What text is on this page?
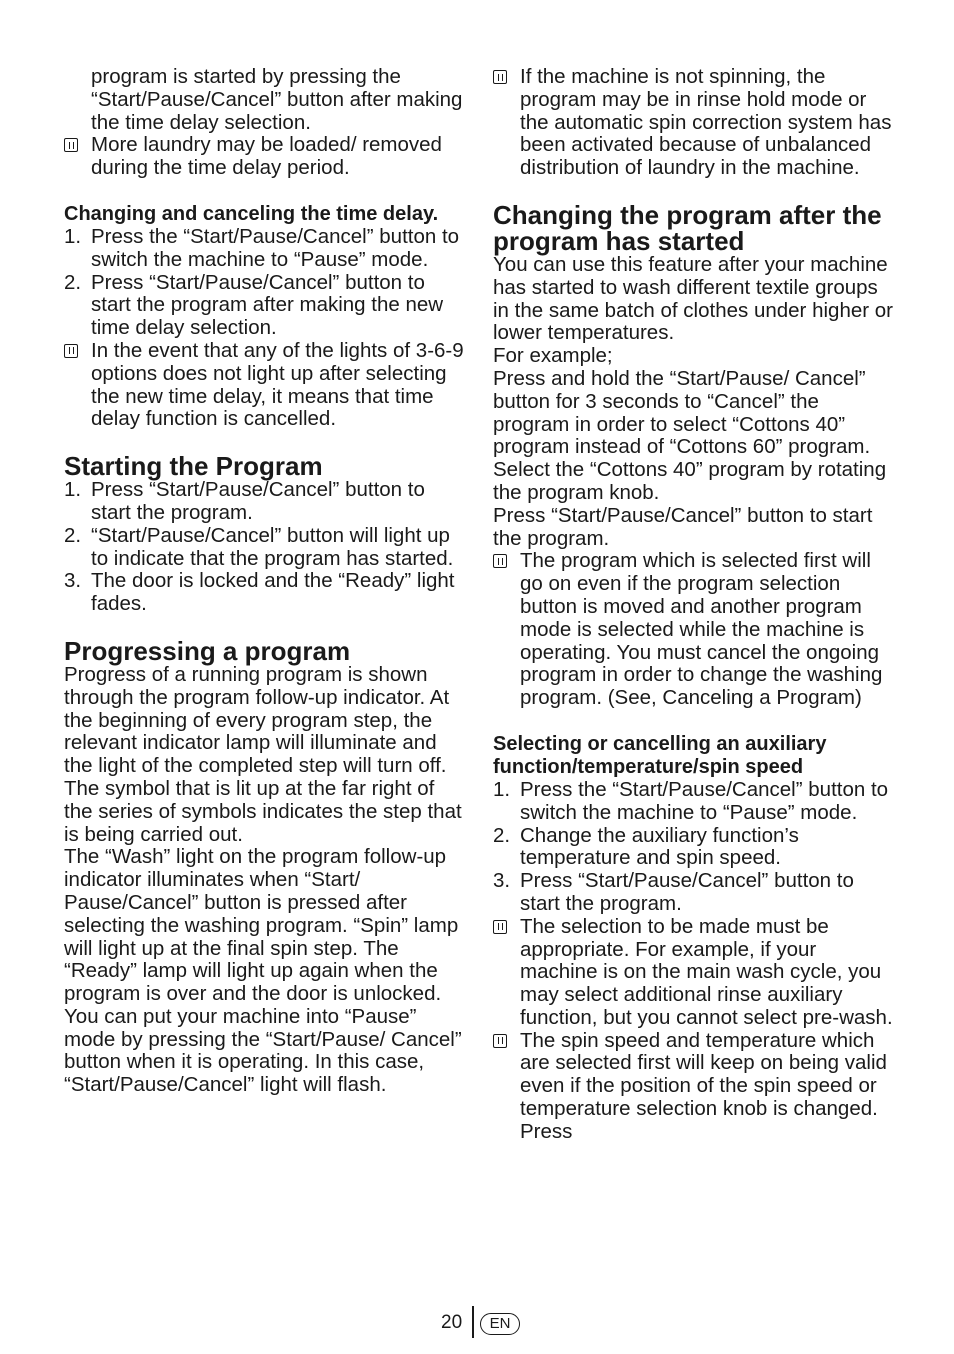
program is started by pressing the “Start/Pause/Cancel” button after making the time delay selection.

More laundry may be loaded/ removed during the time delay period.

Changing and canceling the time delay.

1. Press the “Start/Pause/Cancel” button to switch the machine to “Pause” mode.
2. Press “Start/Pause/Cancel” button to start the program after making the new time delay selection.
In the event that any of the lights of 3-6-9 options does not light up after selecting the new time delay, it means that time delay function is cancelled.

Starting the Program

1. Press “Start/Pause/Cancel” button to start the program.
2. “Start/Pause/Cancel” button will light up to indicate that the program has started.
3. The door is locked and the “Ready” light fades.

Progressing a program

Progress of a running program is shown through the program follow-up indicator. At the beginning of every program step, the relevant indicator lamp will illuminate and the light of the completed step will turn off. The symbol that is lit up at the far right of the series of symbols indicates the step that is being carried out.

The “Wash” light on the program follow-up indicator illuminates when “Start/ Pause/Cancel” button is pressed after selecting the washing program. “Spin” lamp will light up at the final spin step. The “Ready” lamp will light up again when the program is over and the door is unlocked.

You can put your machine into “Pause” mode by pressing the “Start/Pause/ Cancel” button when it is operating. In this case, “Start/Pause/Cancel” light will flash.

If the machine is not spinning, the program may be in rinse hold mode or the automatic spin correction system has been activated because of unbalanced distribution of laundry in the machine.

Changing the program after the program has started

You can use this feature after your machine has started to wash different textile groups in the same batch of clothes under higher or lower temperatures.

For example;

Press and hold the “Start/Pause/ Cancel” button for 3 seconds to “Cancel” the program in order to select “Cottons 40” program instead of “Cottons 60” program.

Select the “Cottons 40” program by rotating the program knob.

Press “Start/Pause/Cancel” button to start the program.

The program which is selected first will go on even if the program selection button is moved and another program mode is selected while the machine is operating. You must cancel the ongoing program in order to change the washing program. (See, Canceling a Program)

Selecting or cancelling an auxiliary function/temperature/spin speed

1. Press the “Start/Pause/Cancel” button to switch the machine to “Pause” mode.
2. Change the auxiliary function’s temperature and spin speed.
3. Press “Start/Pause/Cancel” button to start the program.
The selection to be made must be appropriate. For example, if your machine is on the main wash cycle, you may select additional rinse auxiliary function, but you cannot select pre-wash.
The spin speed and temperature which are selected first will keep on being valid even if the position of the spin speed or temperature selection knob is changed. Press
20	EN
